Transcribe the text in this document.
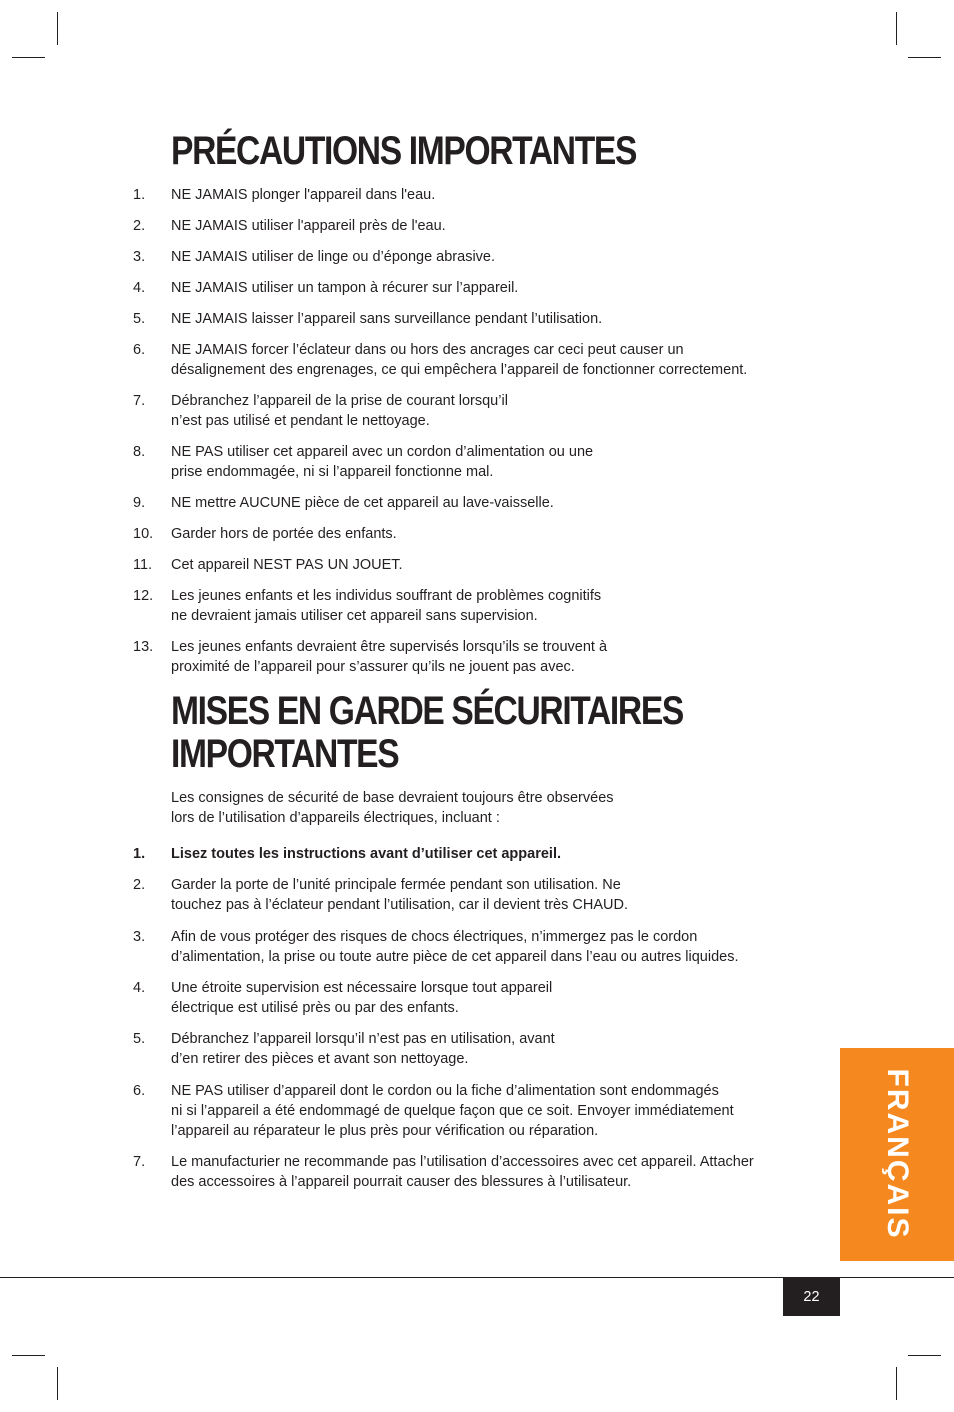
PRÉCAUTIONS IMPORTANTES
1. NE JAMAIS plonger l'appareil dans l'eau.
2. NE JAMAIS utiliser l'appareil près de l'eau.
3. NE JAMAIS utiliser de linge ou d’éponge abrasive.
4. NE JAMAIS utiliser un tampon à récurer sur l’appareil.
5. NE JAMAIS laisser l’appareil sans surveillance pendant l’utilisation.
6. NE JAMAIS forcer l’éclateur dans ou hors des ancrages car ceci peut causer un
désalignement des engrenages, ce qui empêchera l’appareil de fonctionner correctement.
7. Débranchez l’appareil de la prise de courant lorsqu’il
n’est pas utilisé et pendant le nettoyage.
8. NE PAS utiliser cet appareil avec un cordon d’alimentation ou une
prise endommagée, ni si l’appareil fonctionne mal.
9. NE mettre AUCUNE pièce de cet appareil au lave-vaisselle.
10. Garder hors de portée des enfants.
11. Cet appareil NEST PAS UN JOUET.
12. Les jeunes enfants et les individus souffrant de problèmes cognitifs
ne devraient jamais utiliser cet appareil sans supervision.
13. Les jeunes enfants devraient être supervisés lorsqu’ils se trouvent à
proximité de l’appareil pour s’assurer qu’ils ne jouent pas avec.
MISES EN GARDE SÉCURITAIRES
IMPORTANTES
Les consignes de sécurité de base devraient toujours être observées
lors de l’utilisation d’appareils électriques, incluant :
1. Lisez toutes les instructions avant d’utiliser cet appareil.
2. Garder la porte de l’unité principale fermée pendant son utilisation. Ne
touchez pas à l’éclateur pendant l’utilisation, car il devient très CHAUD.
3. Afin de vous protéger des risques de chocs électriques, n’immergez pas le cordon
d’alimentation, la prise ou toute autre pièce de cet appareil dans l’eau ou autres liquides.
4. Une étroite supervision est nécessaire lorsque tout appareil
électrique est utilisé près ou par des enfants.
5. Débranchez l’appareil lorsqu’il n’est pas en utilisation, avant
d’en retirer des pièces et avant son nettoyage.
6. NE PAS utiliser d’appareil dont le cordon ou la fiche d’alimentation sont endommagés
ni si l’appareil a été endommagé de quelque façon que ce soit. Envoyer immédiatement
l’appareil au réparateur le plus près pour vérification ou réparation.
7. Le manufacturier ne recommande pas l’utilisation d’accessoires avec cet appareil. Attacher
des accessoires à l’appareil pourrait causer des blessures à l’utilisateur.	FRANÇAIS
22
